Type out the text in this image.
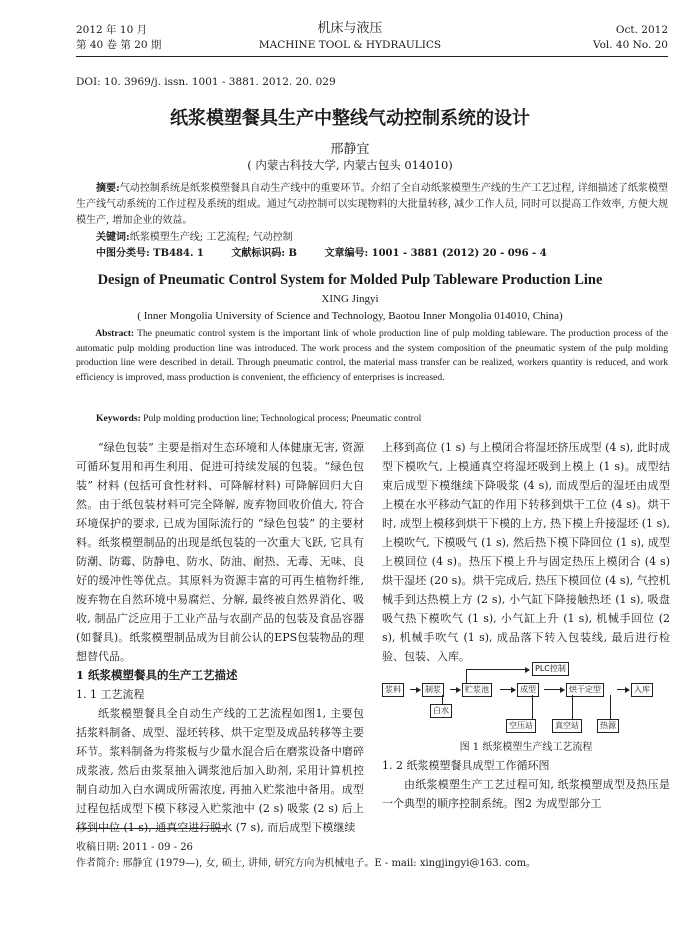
2012 年 10 月
第 40 卷 第 20 期
机床与液压
MACHINE TOOL & HYDRAULICS
Oct. 2012
Vol. 40 No. 20
DOI: 10. 3969/j. issn. 1001 - 3881. 2012. 20. 029
纸浆模塑餐具生产中整线气动控制系统的设计
邢静宜
( 内蒙古科技大学, 内蒙古包头 014010)
摘要:气动控制系统是纸浆模塑餐具自动生产线中的重要环节。介绍了全自动纸浆模塑生产线的生产工艺过程, 详细描述了纸浆模塑生产线气动系统的工作过程及系统的组成。通过气动控制可以实现物料的大批量转移, 减少工作人员, 同时可以提高工作效率, 方便大规模生产, 增加企业的效益。
关键词:纸浆模塑生产线; 工艺流程; 气动控制
中图分类号: TB484. 1	文献标识码: B	文章编号: 1001 - 3881 (2012) 20 - 096 - 4
Design of Pneumatic Control System for Molded Pulp Tableware Production Line
XING Jingyi
( Inner Mongolia University of Science and Technology, Baotou Inner Mongolia 014010, China)
Abstract: The pneumatic control system is the important link of whole production line of pulp molding tableware. The production process of the automatic pulp molding production line was introduced. The work process and the system composition of the pneumatic system of the pulp molding production line were described in detail. Through pneumatic control, the material mass transfer can be realized, workers quantity is reduced, and work efficiency is improved, mass production is convenient, the efficiency of enterprises is increased.
Keywords: Pulp molding production line; Technological process; Pneumatic control

“绿色包装” 主要是指对生态环境和人体健康无害, 资源可循环复用和再生利用、促进可持续发展的包装。“绿色包装” 材料 (包括可食性材料、可降解材料) 可降解回归大自然。由于纸包装材料可完全降解, 废弃物回收价值大, 符合环境保护的要求, 已成为国际流行的 “绿色包装” 的主要材料。纸浆模塑制品的出现是纸包装的一次重大飞跃, 它具有防潮、防霉、防静电、防水、防油、耐热、无毒、无味、良好的缓冲性等优点。其原料为资源丰富的可再生植物纤维, 废弃物在自然环境中易腐烂、分解, 最终被自然界消化、吸收, 制品广泛应用于工业产品与农副产品的包装及食品容器 (如餐具)。纸浆模塑制品成为目前公认的EPS包装物品的理想替代品。

1 纸浆模塑餐具的生产工艺描述
1. 1 工艺流程

纸浆模塑餐具全自动生产线的工艺流程如图1, 主要包括浆料制备、成型、湿坯转移、烘干定型及成品转移等主要环节。浆料制备为将浆板与少量水混合后在磨浆设备中磨碎成浆液, 然后由浆泵抽入调浆池后加入助剂, 采用计算机控制自动加入白水调成所需浓度, 再抽入贮浆池中备用。成型过程包括成型下模下移浸入贮浆池中 (2 s) 吸浆 (2 s) 后上移到中位 (1 s), 通真空进行脱水 (7 s), 而后成型下模继续

上移到高位 (1 s) 与上模闭合将湿坯挤压成型 (4 s), 此时成型下模吹气, 上模通真空将湿坯吸到上模上 (1 s)。成型结束后成型下模继续下降吸浆 (4 s), 而成型后的湿坯由成型上模在水平移动气缸的作用下转移到烘干工位 (4 s)。烘干时, 成型上模移到烘干下模的上方, 热下模上升接湿坯 (1 s), 上模吹气, 下模吸气 (1 s), 然后热下模下降回位 (1 s), 成型上模回位 (4 s)。热压下模上升与固定热压上模闭合 (4 s) 烘干湿坯 (20 s)。烘干完成后, 热压下模回位 (4 s), 气控机械手到达热模上方 (2 s), 小气缸下降接触热坯 (1 s), 吸盘吸气热下模吹气 (1 s), 小气缸上升 (1 s), 机械手回位 (2 s), 机械手吹气 (1 s), 成品落下转入包装线, 最后进行检验、包装、入库。

PLC控制
浆料	制浆	贮浆池	成型	烘干定型	入库
白水
空压站	真空站	热源
图 1 纸浆模塑生产线工艺流程
1. 2 纸浆模塑餐具成型工作循环图

由纸浆模塑生产工艺过程可知, 纸浆模塑成型及热压是一个典型的顺序控制系统。图2 为成型部分工

收稿日期: 2011 - 09 - 26
作者简介: 邢静宜 (1979—), 女, 硕士, 讲师, 研究方向为机械电子。E - mail: xingjingyi@163. com。
